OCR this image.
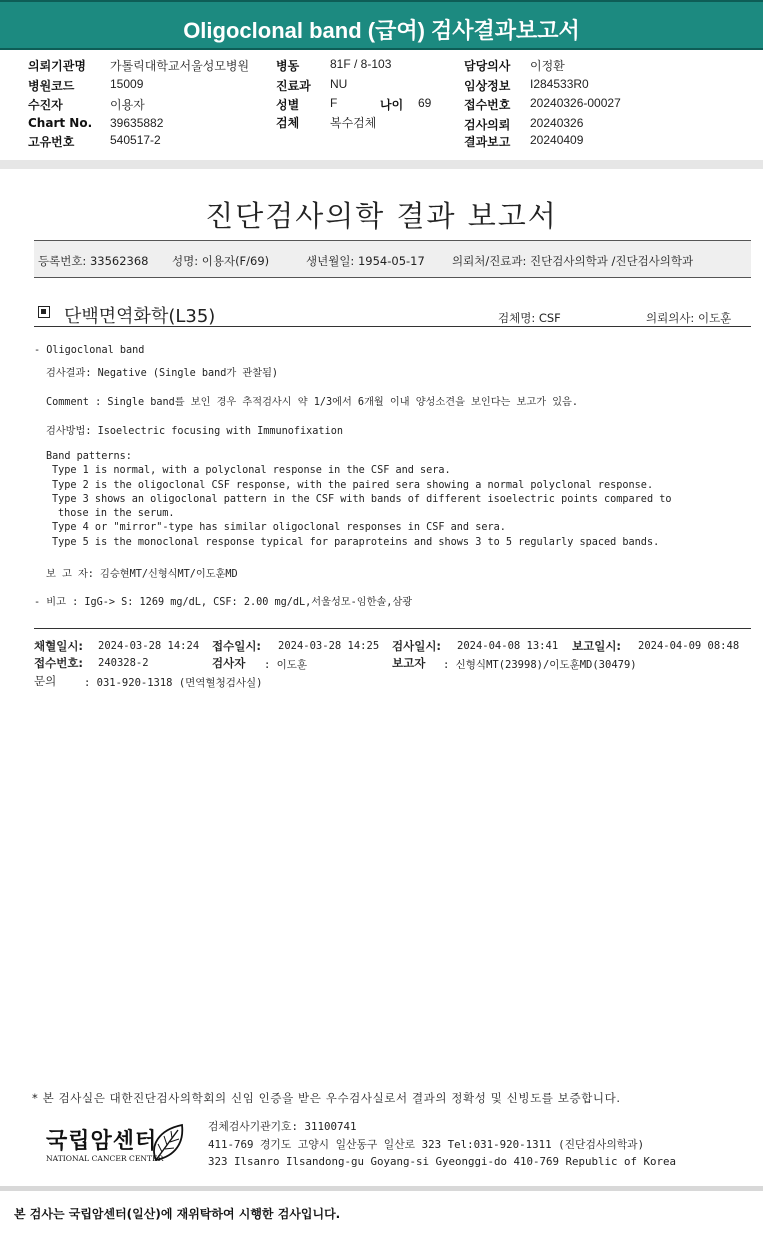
Oligoclonal band (급여) 검사결과보고서
의뢰기관명 가톨릭대학교서울성모병원 병동	81F / 8-103	담당의사 이정환
병원코드	15009	진료과 NU	임상정보 I284533R0
수진자	이용자	성별	F	나이 69	접수번호 20240326-00027
Chart No. 39635882	검체	복수검체	검사의뢰 20240326
고유번호	540517-2	결과보고 20240409
진단검사의학 결과 보고서
등록번호: 33562368 성명: 이용자(F/69)	생년월일: 1954-05-17 의뢰처/진료과: 진단검사의학과 /진단검사의학과
단백면역화학(L35)	검체명: CSF	의뢰의사: 이도훈
- Oligoclonal band
검사결과: Negative (Single band가 관찰됨)
Comment : Single band를 보인 경우 추적검사시 약 1/3에서 6개월 이내 양성소견을 보인다는 보고가 있음.
검사방법: Isoelectric focusing with Immunofixation
Band patterns:
Type 1 is normal, with a polyclonal response in the CSF and sera.
Type 2 is the oligoclonal CSF response, with the paired sera showing a normal polyclonal response.
Type 3 shows an oligoclonal pattern in the CSF with bands of different isoelectric points compared to
those in the serum.
Type 4 or "mirror"-type has similar oligoclonal responses in CSF and sera.
Type 5 is the monoclonal response typical for paraproteins and shows 3 to 5 regularly spaced bands.
보 고 자: 김승현MT/신형식MT/이도훈MD
- 비고 : IgG-> S: 1269 mg/dL, CSF: 2.00 mg/dL,서울성모-임한솔,삼광
채혈일시: 2024-03-28 14:24 접수일시: 2024-03-28 14:25 검사일시: 2024-04-08 13:41 보고일시: 2024-04-09 08:48
접수번호: 240328-2	검사자 : 이도훈	보고자 : 신형식MT(23998)/이도훈MD(30479)
문의	: 031-920-1318 (면역혈청검사실)
* 본 검사실은 대한진단검사의학회의 신임 인증을 받은 우수검사실로서 결과의 정확성 및 신빙도를 보증합니다.
국립암센터
NATIONAL CANCER CENTER
검체검사기관기호: 31100741
411-769 경기도 고양시 일산동구 일산로 323 Tel:031-920-1311 (진단검사의학과)
323 Ilsanro Ilsandong-gu Goyang-si Gyeonggi-do 410-769 Republic of Korea
본 검사는 국립암센터(일산)에 재위탁하여 시행한 검사입니다.
